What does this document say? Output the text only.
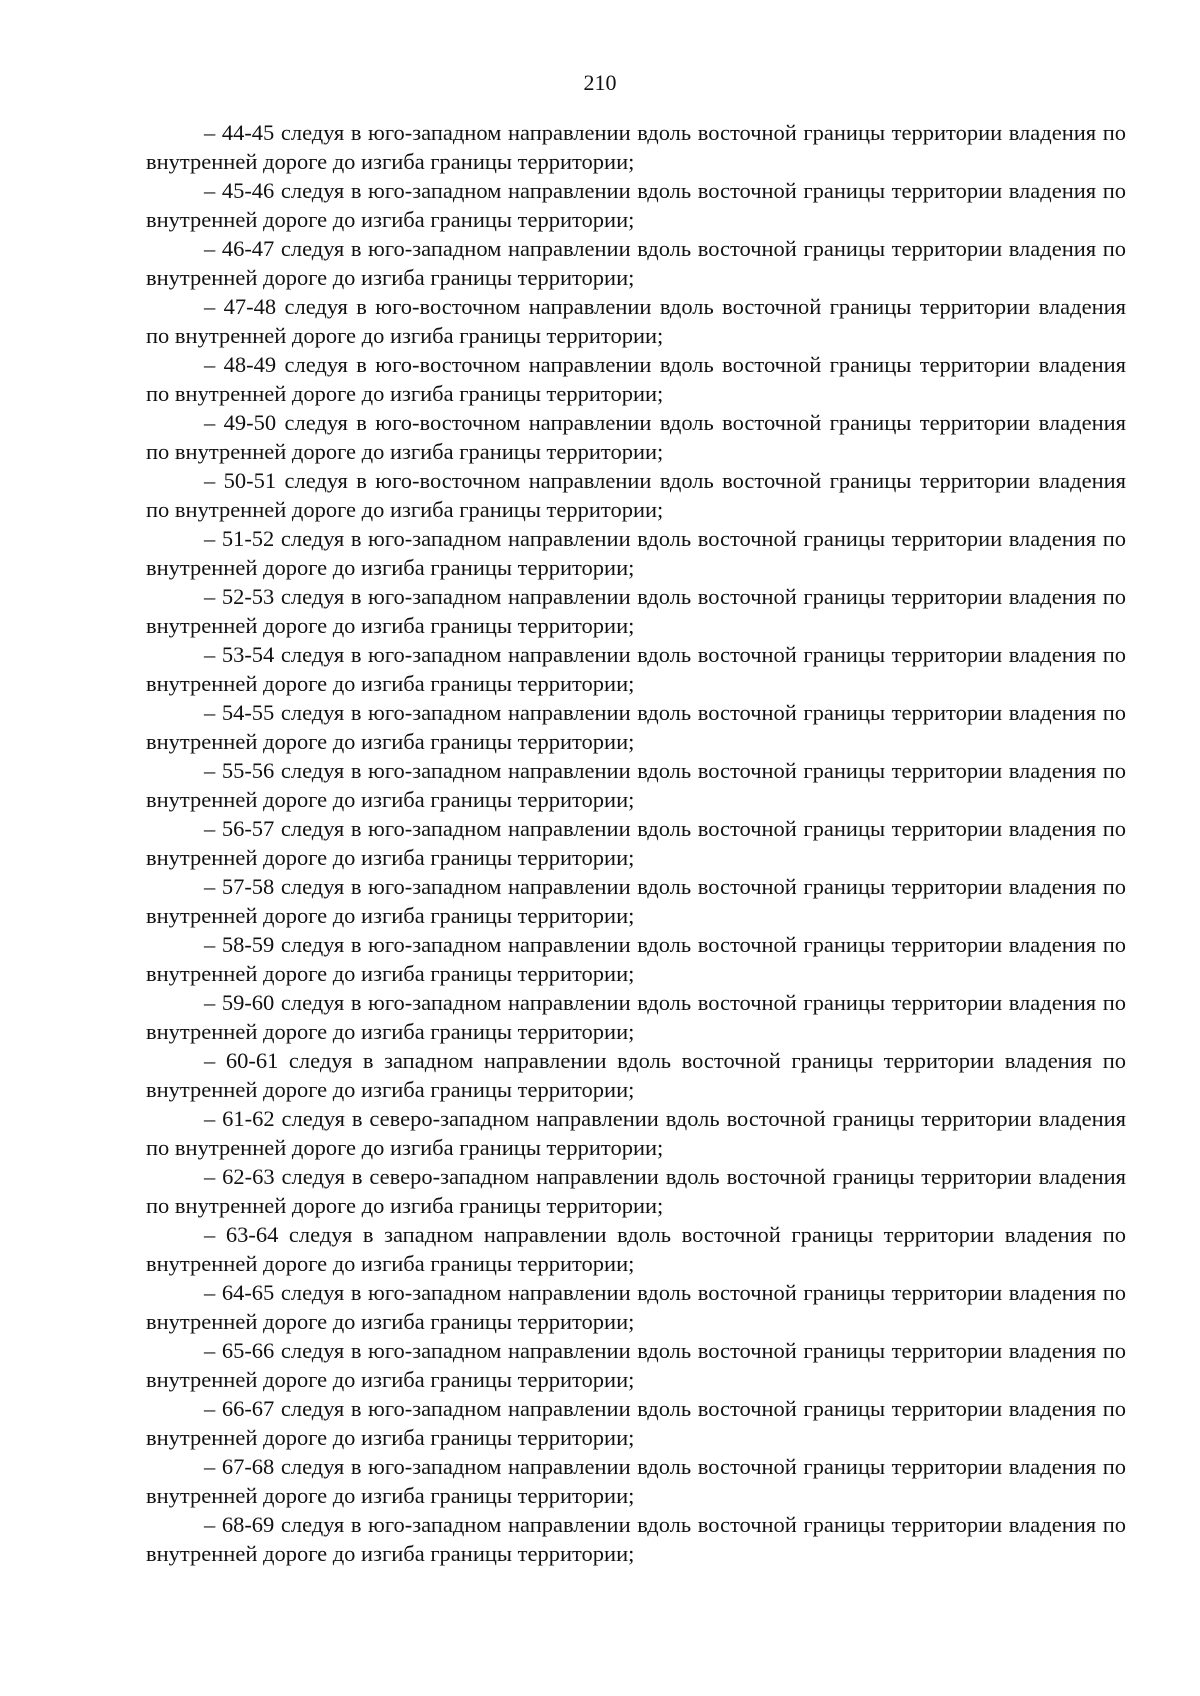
210

– 44-45 следуя в юго-западном направлении вдоль восточной границы территории владения по внутренней дороге до изгиба границы территории;

– 45-46 следуя в юго-западном направлении вдоль восточной границы территории владения по внутренней дороге до изгиба границы территории;

– 46-47 следуя в юго-западном направлении вдоль восточной границы территории владения по внутренней дороге до изгиба границы территории;

– 47-48 следуя в юго-восточном направлении вдоль восточной границы территории владения по внутренней дороге до изгиба границы территории;

– 48-49 следуя в юго-восточном направлении вдоль восточной границы территории владения по внутренней дороге до изгиба границы территории;

– 49-50 следуя в юго-восточном направлении вдоль восточной границы территории владения по внутренней дороге до изгиба границы территории;

– 50-51 следуя в юго-восточном направлении вдоль восточной границы территории владения по внутренней дороге до изгиба границы территории;

– 51-52 следуя в юго-западном направлении вдоль восточной границы территории владения по внутренней дороге до изгиба границы территории;

– 52-53 следуя в юго-западном направлении вдоль восточной границы территории владения по внутренней дороге до изгиба границы территории;

– 53-54 следуя в юго-западном направлении вдоль восточной границы территории владения по внутренней дороге до изгиба границы территории;

– 54-55 следуя в юго-западном направлении вдоль восточной границы территории владения по внутренней дороге до изгиба границы территории;

– 55-56 следуя в юго-западном направлении вдоль восточной границы территории владения по внутренней дороге до изгиба границы территории;

– 56-57 следуя в юго-западном направлении вдоль восточной границы территории владения по внутренней дороге до изгиба границы территории;

– 57-58 следуя в юго-западном направлении вдоль восточной границы территории владения по внутренней дороге до изгиба границы территории;

– 58-59 следуя в юго-западном направлении вдоль восточной границы территории владения по внутренней дороге до изгиба границы территории;

– 59-60 следуя в юго-западном направлении вдоль восточной границы территории владения по внутренней дороге до изгиба границы территории;

– 60-61 следуя в западном направлении вдоль восточной границы территории владения по внутренней дороге до изгиба границы территории;

– 61-62 следуя в северо-западном направлении вдоль восточной границы территории владения по внутренней дороге до изгиба границы территории;

– 62-63 следуя в северо-западном направлении вдоль восточной границы территории владения по внутренней дороге до изгиба границы территории;

– 63-64 следуя в западном направлении вдоль восточной границы территории владения по внутренней дороге до изгиба границы территории;

– 64-65 следуя в юго-западном направлении вдоль восточной границы территории владения по внутренней дороге до изгиба границы территории;

– 65-66 следуя в юго-западном направлении вдоль восточной границы территории владения по внутренней дороге до изгиба границы территории;

– 66-67 следуя в юго-западном направлении вдоль восточной границы территории владения по внутренней дороге до изгиба границы территории;

– 67-68 следуя в юго-западном направлении вдоль восточной границы территории владения по внутренней дороге до изгиба границы территории;

– 68-69 следуя в юго-западном направлении вдоль восточной границы территории владения по внутренней дороге до изгиба границы территории;
